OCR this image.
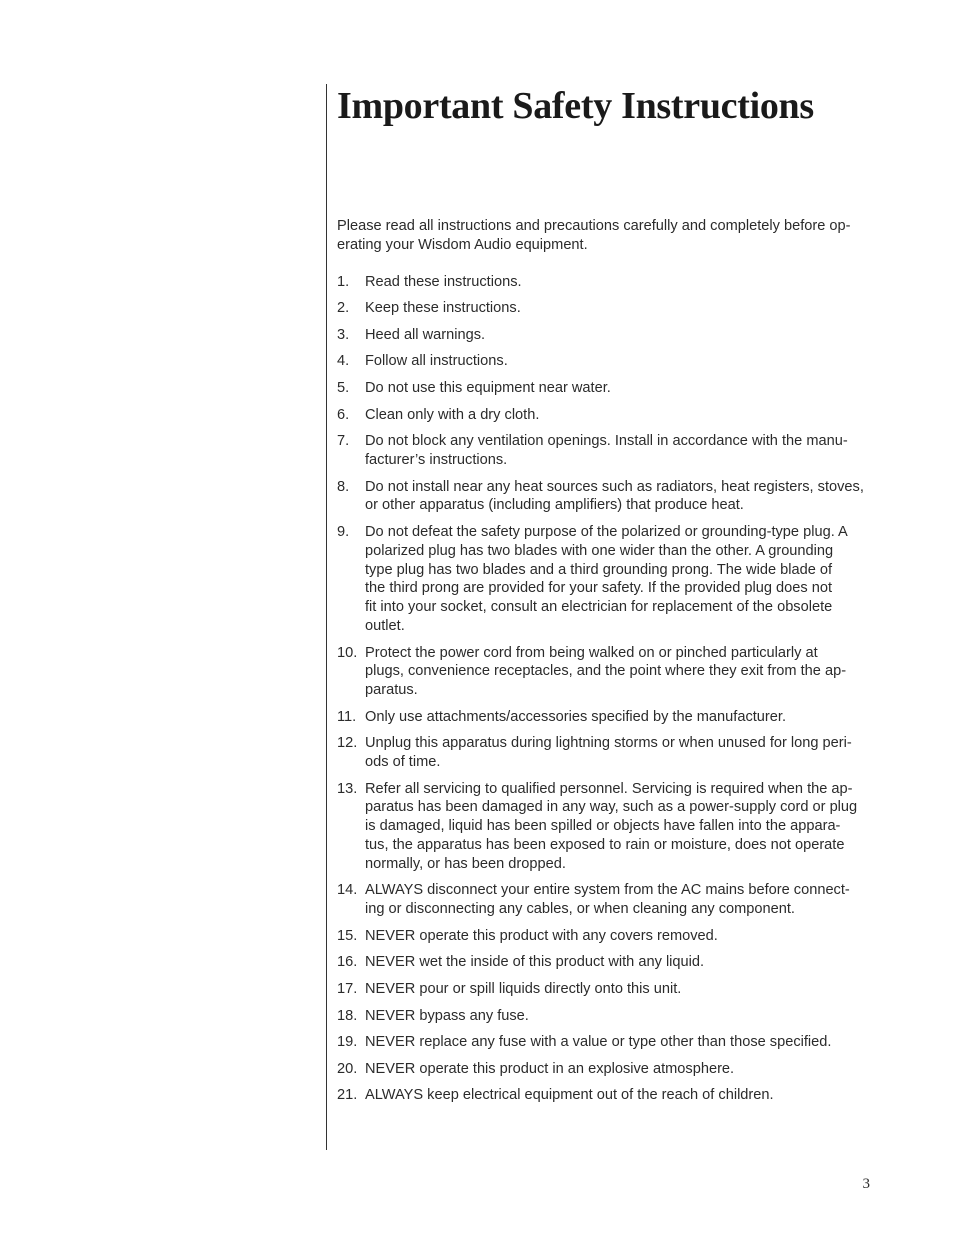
Important Safety Instructions

Please read all instructions and precautions carefully and completely before op-
erating your Wisdom Audio equipment.

1.	Read these instructions.
2.	Keep these instructions.
3.	Heed all warnings.
4.	Follow all instructions.
5.	Do not use this equipment near water.
6.	Clean only with a dry cloth.
7.	Do not block any ventilation openings. Install in accordance with the manu-
facturer’s instructions.
8.	Do not install near any heat sources such as radiators, heat registers, stoves,
or other apparatus (including amplifiers) that produce heat.
9.	Do not defeat the safety purpose of the polarized or grounding-type plug. A
polarized plug has two blades with one wider than the other. A grounding
type plug has two blades and a third grounding prong. The wide blade of
the third prong are provided for your safety. If the provided plug does not
fit into your socket, consult an electrician for replacement of the obsolete
outlet.
10. Protect the power cord from being walked on or pinched particularly at
plugs, convenience receptacles, and the point where they exit from the ap-
paratus.
11. Only use attachments/accessories specified by the manufacturer.
12. Unplug this apparatus during lightning storms or when unused for long peri-
ods of time.
13. Refer all servicing to qualified personnel. Servicing is required when the ap-
paratus has been damaged in any way, such as a power-supply cord or plug
is damaged, liquid has been spilled or objects have fallen into the appara-
tus, the apparatus has been exposed to rain or moisture, does not operate
normally, or has been dropped.
14. ALWAYS disconnect your entire system from the AC mains before connect-
ing or disconnecting any cables, or when cleaning any component.
15. NEVER operate this product with any covers removed.
16. NEVER wet the inside of this product with any liquid.
17. NEVER pour or spill liquids directly onto this unit.
18. NEVER bypass any fuse.
19. NEVER replace any fuse with a value or type other than those specified.
20. NEVER operate this product in an explosive atmosphere.
21. ALWAYS keep electrical equipment out of the reach of children.
3
